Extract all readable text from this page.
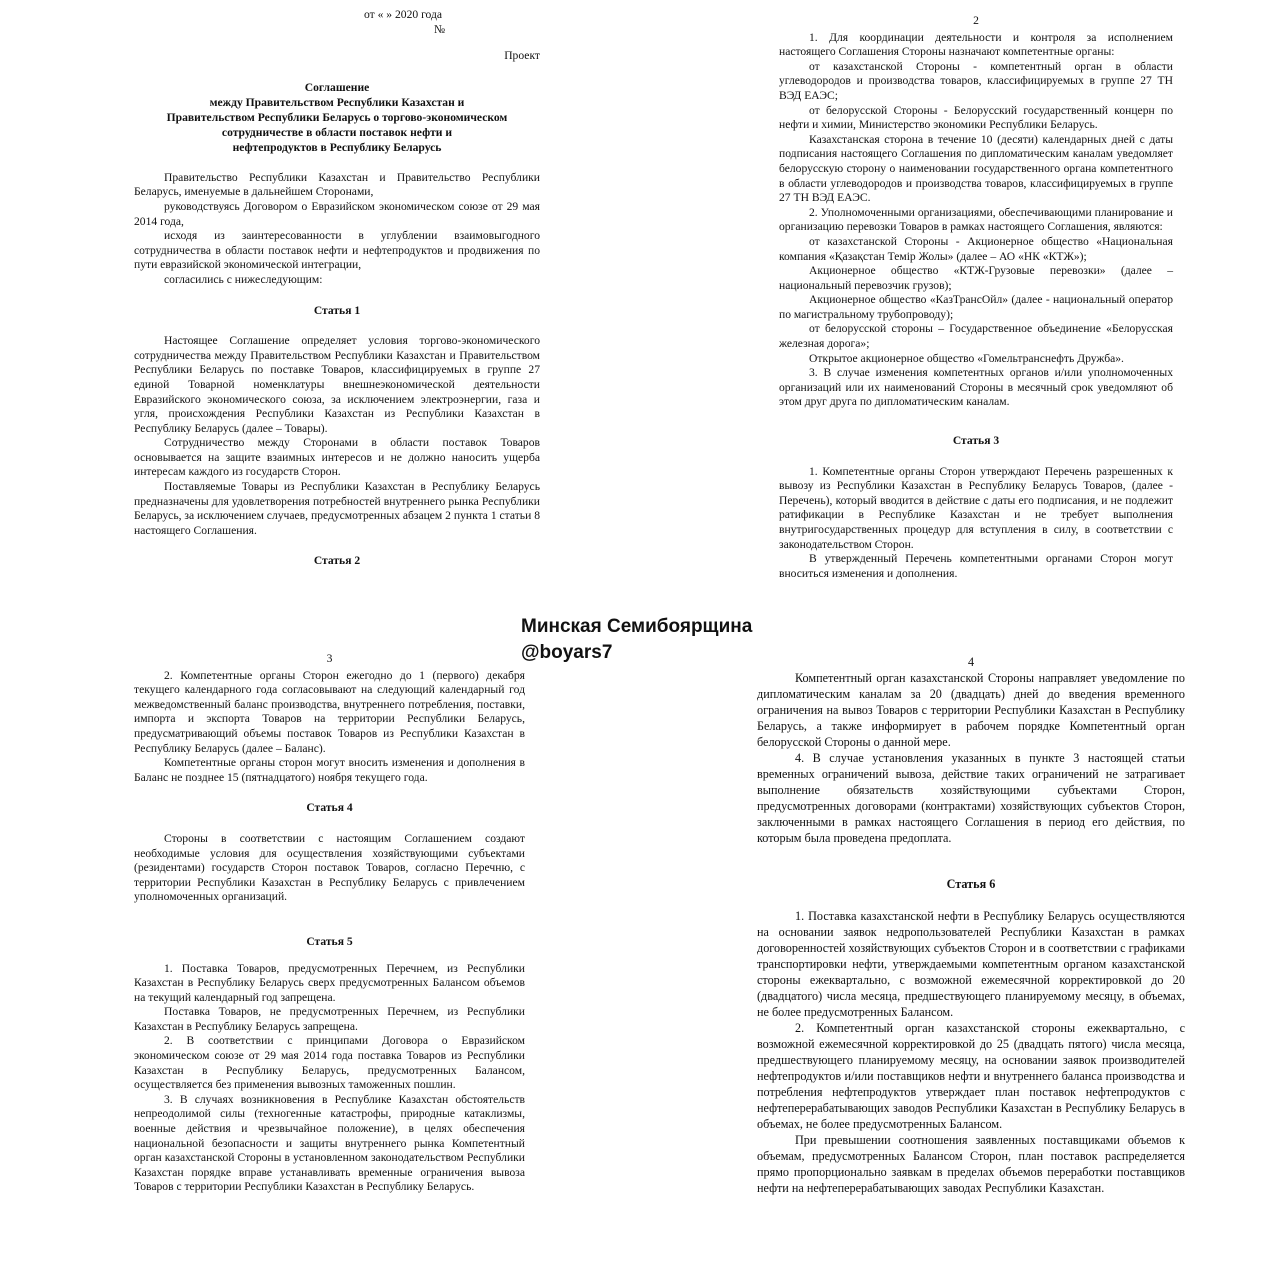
от « » 2020 года

№

Проект

Соглашение

между Правительством Республики Казахстан и

Правительством Республики Беларусь о торгово-экономическом

сотрудничестве в области поставок нефти и

нефтепродуктов в Республику Беларусь

Правительство Республики Казахстан и Правительство Республики Беларусь, именуемые в дальнейшем Сторонами,

руководствуясь Договором о Евразийском экономическом союзе от 29 мая 2014 года,

исходя из заинтересованности в углублении взаимовыгодного сотрудничества в области поставок нефти и нефтепродуктов и продвижения по пути евразийской экономической интеграции,

согласились с нижеследующим:

Статья 1

Настоящее Соглашение определяет условия торгово-экономического сотрудничества между Правительством Республики Казахстан и Правительством Республики Беларусь по поставке Товаров, классифицируемых в группе 27 единой Товарной номенклатуры внешнеэкономической деятельности Евразийского экономического союза, за исключением электроэнергии, газа и угля, происхождения Республики Казахстан из Республики Казахстан в Республику Беларусь (далее – Товары).

Сотрудничество между Сторонами в области поставок Товаров основывается на защите взаимных интересов и не должно наносить ущерба интересам каждого из государств Сторон.

Поставляемые Товары из Республики Казахстан в Республику Беларусь предназначены для удовлетворения потребностей внутреннего рынка Республики Беларусь, за исключением случаев, предусмотренных абзацем 2 пункта 1 статьи 8 настоящего Соглашения.

Статья 2

2

1. Для координации деятельности и контроля за исполнением настоящего Соглашения Стороны назначают компетентные органы:

от казахстанской Стороны - компетентный орган в области углеводородов и производства товаров, классифицируемых в группе 27 ТН ВЭД ЕАЭС;

от белорусской Стороны - Белорусский государственный концерн по нефти и химии, Министерство экономики Республики Беларусь.

Казахстанская сторона в течение 10 (десяти) календарных дней с даты подписания настоящего Соглашения по дипломатическим каналам уведомляет белорусскую сторону о наименовании государственного органа компетентного в области углеводородов и производства товаров, классифицируемых в группе 27 ТН ВЭД ЕАЭС.

2. Уполномоченными организациями, обеспечивающими планирование и организацию перевозки Товаров в рамках настоящего Соглашения, являются:

от казахстанской Стороны - Акционерное общество «Национальная компания «Қазақстан Темір Жолы» (далее – АО «НК «КТЖ»);

Акционерное общество «КТЖ-Грузовые перевозки» (далее – национальный перевозчик грузов);

Акционерное общество «КазТрансОйл» (далее - национальный оператор по магистральному трубопроводу);

от белорусской стороны – Государственное объединение «Белорусская железная дорога»;

Открытое акционерное общество «Гомельтранснефть Дружба».

3. В случае изменения компетентных органов и/или уполномоченных организаций или их наименований Стороны в месячный срок уведомляют об этом друг друга по дипломатическим каналам.

Статья 3

1. Компетентные органы Сторон утверждают Перечень разрешенных к вывозу из Республики Казахстан в Республику Беларусь Товаров, (далее - Перечень), который вводится в действие с даты его подписания, и не подлежит ратификации в Республике Казахстан и не требует выполнения внутригосударственных процедур для вступления в силу, в соответствии с законодательством Сторон.

В утвержденный Перечень компетентными органами Сторон могут вноситься изменения и дополнения.

3

2. Компетентные органы Сторон ежегодно до 1 (первого) декабря текущего календарного года согласовывают на следующий календарный год межведомственный баланс производства, внутреннего потребления, поставки, импорта и экспорта Товаров на территории Республики Беларусь, предусматривающий объемы поставок Товаров из Республики Казахстан в Республику Беларусь (далее – Баланс).

Компетентные органы сторон могут вносить изменения и дополнения в Баланс не позднее 15 (пятнадцатого) ноября текущего года.

Статья 4

Стороны в соответствии с настоящим Соглашением создают необходимые условия для осуществления хозяйствующими субъектами (резидентами) государств Сторон поставок Товаров, согласно Перечню, с территории Республики Казахстан в Республику Беларусь с привлечением уполномоченных организаций.

Статья 5

1. Поставка Товаров, предусмотренных Перечнем, из Республики Казахстан в Республику Беларусь сверх предусмотренных Балансом объемов на текущий календарный год запрещена.

Поставка Товаров, не предусмотренных Перечнем, из Республики Казахстан в Республику Беларусь запрещена.

2. В соответствии с принципами Договора о Евразийском экономическом союзе от 29 мая 2014 года поставка Товаров из Республики Казахстан в Республику Беларусь, предусмотренных Балансом, осуществляется без применения вывозных таможенных пошлин.

3. В случаях возникновения в Республике Казахстан обстоятельств непреодолимой силы (техногенные катастрофы, природные катаклизмы, военные действия и чрезвычайное положение), в целях обеспечения национальной безопасности и защиты внутреннего рынка Компетентный орган казахстанской Стороны в установленном законодательством Республики Казахстан порядке вправе устанавливать временные ограничения вывоза Товаров с территории Республики Казахстан в Республику Беларусь.

4

Компетентный орган казахстанской Стороны направляет уведомление по дипломатическим каналам за 20 (двадцать) дней до введения временного ограничения на вывоз Товаров с территории Республики Казахстан в Республику Беларусь, а также информирует в рабочем порядке Компетентный орган белорусской Стороны о данной мере.

4. В случае установления указанных в пункте 3 настоящей статьи временных ограничений вывоза, действие таких ограничений не затрагивает выполнение обязательств хозяйствующими субъектами Сторон, предусмотренных договорами (контрактами) хозяйствующих субъектов Сторон, заключенными в рамках настоящего Соглашения в период его действия, по которым была проведена предоплата.

Статья 6

1. Поставка казахстанской нефти в Республику Беларусь осуществляются на основании заявок недропользователей Республики Казахстан в рамках договоренностей хозяйствующих субъектов Сторон и в соответствии с графиками транспортировки нефти, утверждаемыми компетентным органом казахстанской стороны ежеквартально, с возможной ежемесячной корректировкой до 20 (двадцатого) числа месяца, предшествующего планируемому месяцу, в объемах, не более предусмотренных Балансом.

2. Компетентный орган казахстанской стороны ежеквартально, с возможной ежемесячной корректировкой до 25 (двадцать пятого) числа месяца, предшествующего планируемому месяцу, на основании заявок производителей нефтепродуктов и/или поставщиков нефти и внутреннего баланса производства и потребления нефтепродуктов утверждает план поставок нефтепродуктов с нефтеперерабатывающих заводов Республики Казахстан в Республику Беларусь в объемах, не более предусмотренных Балансом.

При превышении соотношения заявленных поставщиками объемов к объемам, предусмотренных Балансом Сторон, план поставок распределяется прямо пропорционально заявкам в пределах объемов переработки поставщиков нефти на нефтеперерабатывающих заводах Республики Казахстан.

Минская Семибоярщина
@boyars7
